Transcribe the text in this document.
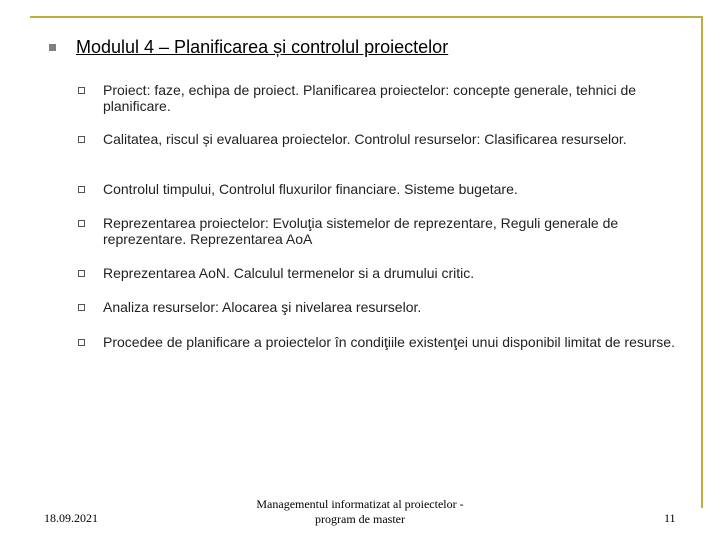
Modulul 4 – Planificarea și controlul proiectelor
Proiect: faze, echipa de proiect. Planificarea proiectelor: concepte generale, tehnici de planificare.
Calitatea, riscul și evaluarea proiectelor. Controlul resurselor: Clasificarea resurselor.
Controlul timpului, Controlul fluxurilor financiare. Sisteme bugetare.
Reprezentarea proiectelor: Evoluţia sistemelor de reprezentare, Reguli generale de reprezentare. Reprezentarea AoA
Reprezentarea AoN. Calculul termenelor si a drumului critic.
Analiza resurselor: Alocarea şi nivelarea resurselor.
Procedee de planificare a proiectelor în condiţiile existenţei unui disponibil limitat de resurse.
18.09.2021
Managementul informatizat al proiectelor -
program de master	11
